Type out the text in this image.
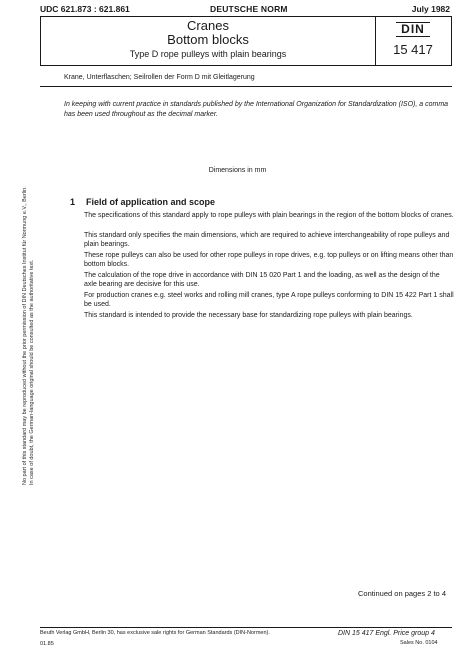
UDC 621.873 : 621.861	DEUTSCHE NORM	July 1982
Cranes
Bottom blocks
Type D rope pulleys with plain bearings
DIN
15 417
Krane, Unterflaschen; Seilrollen der Form D mit Gleitlagerung
In keeping with current practice in standards published by the International Organization for Standardization (ISO), a comma has been used throughout as the decimal marker.
Dimensions in mm
1 Field of application and scope
The specifications of this standard apply to rope pulleys with plain bearings in the region of the bottom blocks of cranes.
This standard only specifies the main dimensions, which are required to achieve interchangeability of rope pulleys and plain bearings.
These rope pulleys can also be used for other rope pulleys in rope drives, e.g. top pulleys or on lifting means other than bottom blocks.
The calculation of the rope drive in accordance with DIN 15 020 Part 1 and the loading, as well as the design of the axle bearing are decisive for this use.
For production cranes e.g. steel works and rolling mill cranes, type A rope pulleys conforming to DIN 15 422 Part 1 shall be used.
This standard is intended to provide the necessary base for standardizing rope pulleys with plain bearings.
No part of this standard may be reproduced without the prior permission of DIN Deutsches Institut für Normung e.V., Berlin. In case of doubt, the German-language original should be consulted as the authoritative text.
Continued on pages 2 to 4
Beuth Verlag GmbH, Berlin 30, has exclusive sale rights for German Standards (DIN-Normen).
01.85
DIN 15 417 Engl. Price group 4
Sales No. 0104
